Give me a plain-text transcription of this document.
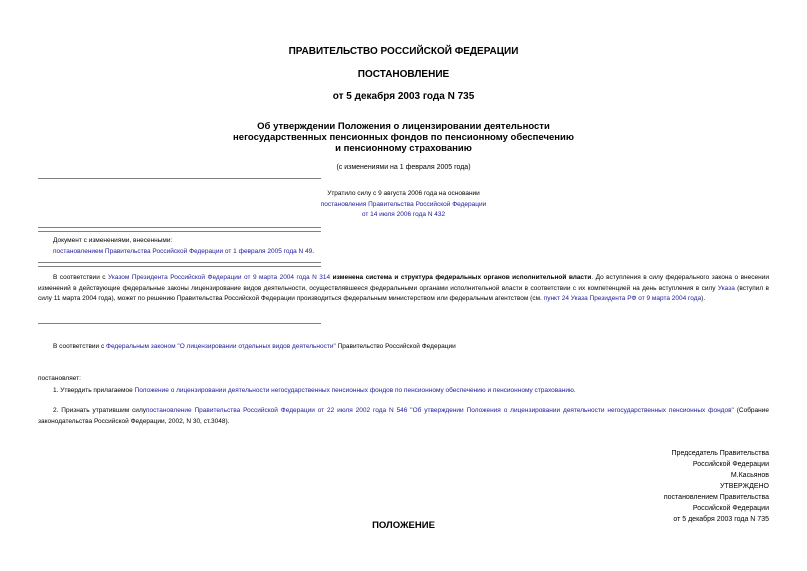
ПРАВИТЕЛЬСТВО РОССИЙСКОЙ ФЕДЕРАЦИИ
ПОСТАНОВЛЕНИЕ
от 5 декабря 2003 года N 735
Об утверждении Положения о лицензировании деятельности
негосударственных пенсионных фондов по пенсионному обеспечению
и пенсионному страхованию
(с изменениями на 1 февраля 2005 года)
Утратило силу с 9 августа 2006 года на основании
постановления Правительства Российской Федерации
от 14 июля 2006 года N 432
Документ с изменениями, внесенными:
постановлением Правительства Российской Федерации от 1 февраля 2005 года N 49.
В соответствии с Указом Президента Российской Федерации от 9 марта 2004 года N 314 изменена система и структура федеральных органов исполнительной власти. До вступления в силу федерального закона о внесении изменений в действующие федеральные законы лицензирование видов деятельности, осуществлявшееся федеральными органами исполнительной власти в соответствии с их компетенцией на день вступления в силу Указа (вступил в силу 11 марта 2004 года), может по решению Правительства Российской Федерации производиться федеральным министерством или федеральным агентством (см. пункт 24 Указа Президента РФ от 9 марта 2004 года).
В соответствии с Федеральным законом "О лицензировании отдельных видов деятельности" Правительство Российской Федерации
постановляет:
1. Утвердить прилагаемое Положение о лицензировании деятельности негосударственных пенсионных фондов по пенсионному обеспечению и пенсионному страхованию.
2. Признать утратившим силупостановление Правительства Российской Федерации от 22 июля 2002 года N 546 "Об утверждении Положения о лицензировании деятельности негосударственных пенсионных фондов" (Собрание законодательства Российской Федерации, 2002, N 30, ст.3048).
Председатель Правительства
Российской Федерации
М.Касьянов
УТВЕРЖДЕНО
постановлением Правительства
Российской Федерации
от 5 декабря 2003 года N 735
ПОЛОЖЕНИЕ
